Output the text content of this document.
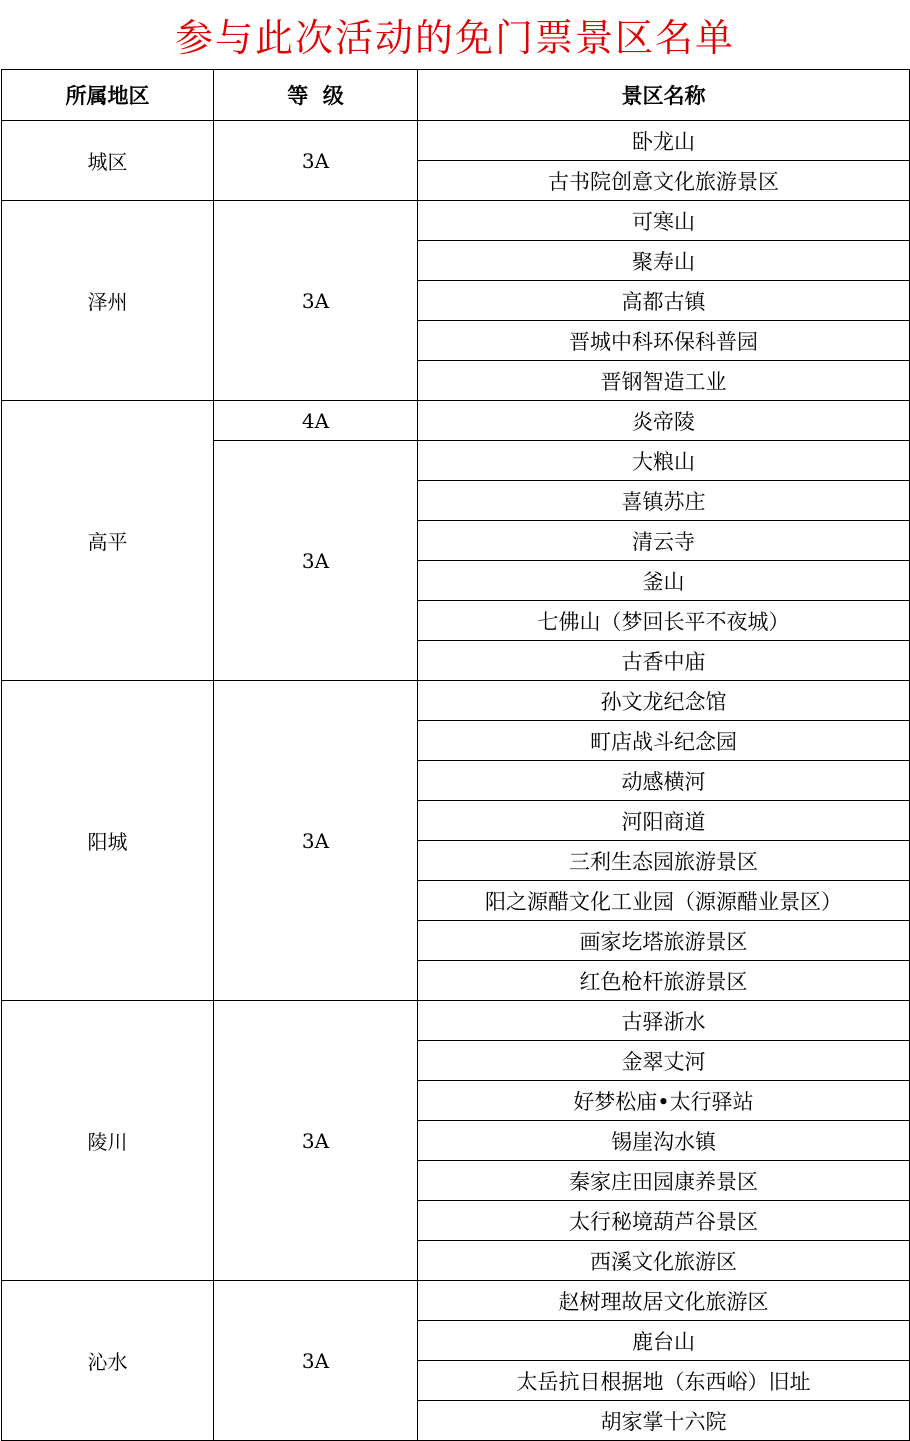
参与此次活动的免门票景区名单
所属地区	等  级	景区名称
城区	3A	卧龙山
		古书院创意文化旅游景区
泽州	3A	可寒山
		聚寿山
		高都古镇
		晋城中科环保科普园
		晋钢智造工业
高平	4A	炎帝陵
	3A	大粮山
		喜镇苏庄
		清云寺
		釜山
		七佛山（梦回长平不夜城）
		古香中庙
阳城	3A	孙文龙纪念馆
		町店战斗纪念园
		动感横河
		河阳商道
		三利生态园旅游景区
		阳之源醋文化工业园（源源醋业景区）
		画家圪塔旅游景区
		红色枪杆旅游景区
陵川	3A	古驿浙水
		金翠丈河
		好梦松庙•太行驿站
		锡崖沟水镇
		秦家庄田园康养景区
		太行秘境葫芦谷景区
		西溪文化旅游区
沁水	3A	赵树理故居文化旅游区
		鹿台山
		太岳抗日根据地（东西峪）旧址
		胡家掌十六院
